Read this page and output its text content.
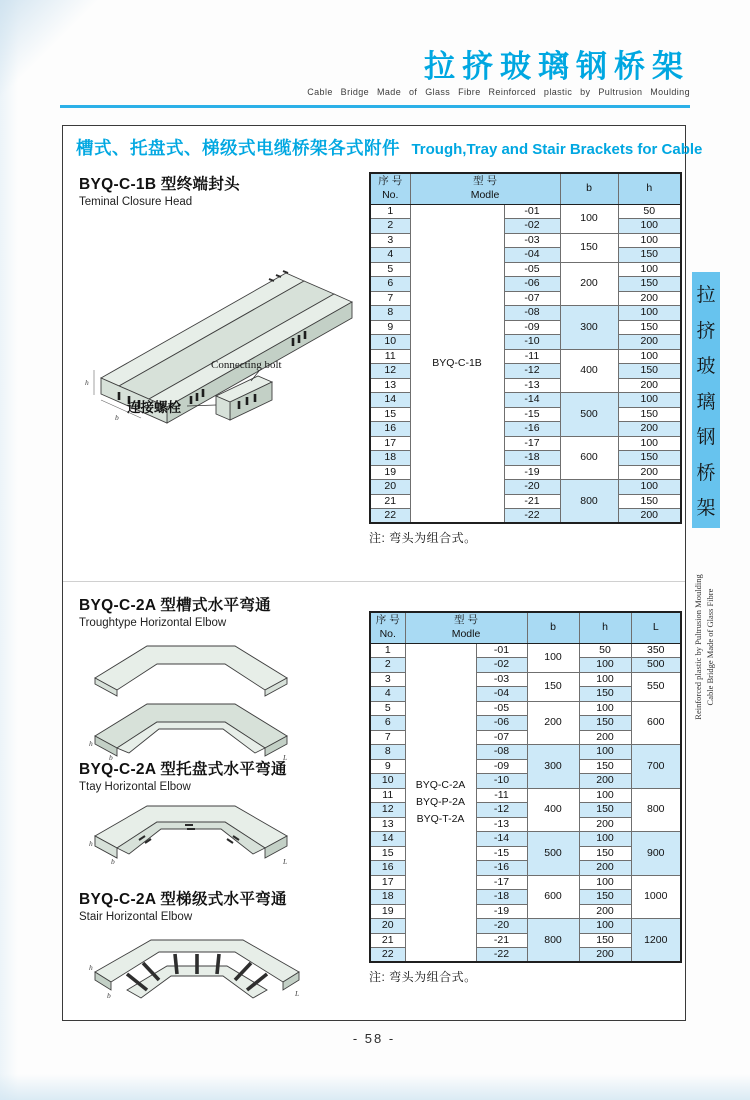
拉挤玻璃钢桥架
Cable Bridge Made of Glass Fibre Reinforced plastic by Pultrusion Moulding
槽式、托盘式、梯级式电缆桥架各式附件 Trough,Tray and Stair Brackets for Cable
BYQ-C-1B 型终端封头
Teminal Closure Head
h
b
Connecting bolt
连接螺栓
BYQ-C-2A 型槽式水平弯通
Troughtype Horizontal Elbow
h
b	L
BYQ-C-2A 型托盘式水平弯通
Ttay Horizontal Elbow
h
b	L
BYQ-C-2A 型梯级式水平弯通
Stair Horizontal Elbow
h
b	L
序 号
No.

型 号
Modle
	b	h
1	BYQ-C-1B	-01	100	50
2		-02		100
3		-03	150	100
4		-04		150
5		-05	200	100
6		-06		150
7		-07		200
8		-08	300	100
9		-09		150
10		-10		200
11		-11	400	100
12		-12		150
13		-13		200
14		-14	500	100
15		-15		150
16		-16		200
17		-17	600	100
18		-18		150
19		-19		200
20		-20	800	100
21		-21		150
22		-22		200
注: 弯头为组合式。
序 号
No.

型 号
Modle
	b	h	L
1	BYQ-C-2A
BYQ-P-2A
BYQ-T-2A	-01	100	50	350
2		-02		100	500
3		-03	150	100	550
4		-04		150	
5		-05	200	100	600
6		-06		150	
7		-07		200	
8		-08	300	100	700
9		-09		150	
10		-10		200	
11		-11	400	100	800
12		-12		150	
13		-13		200	
14		-14	500	100	900
15		-15		150	
16		-16		200	
17		-17	600	100	1000
18		-18		150	
19		-19		200	
20		-20	800	100	1200
21		-21		150	
22		-22		200	
注: 弯头为组合式。
拉
挤
玻
璃
钢
桥
架
Reinforced plastic by Pultrusion Moulding Cable Bridge Made of Glass Fibre
- 58 -
